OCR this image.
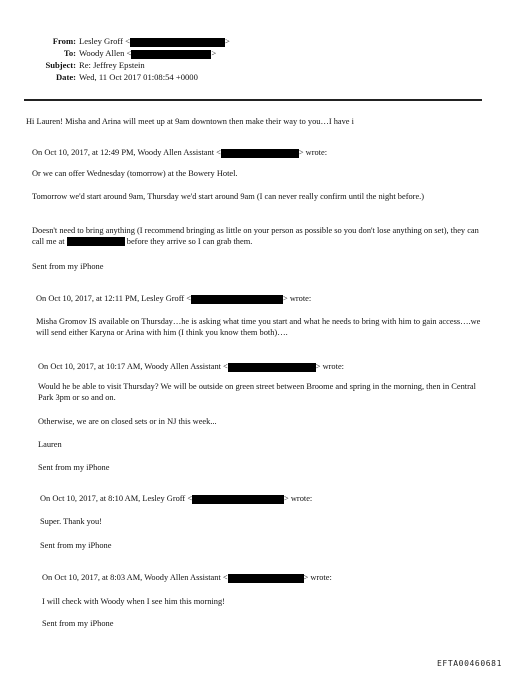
From: Lesley Groff <	>
To: Woody Allen <	>
Subject: Re: Jeffrey Epstein
Date: Wed, 11 Oct 2017 01:08:54 +0000
Hi Lauren! Misha and Arina will meet up at 9am downtown then make their way to you…I have i
On Oct 10, 2017, at 12:49 PM, Woody Allen Assistant <	> wrote:
Or we can offer Wednesday (tomorrow) at the Bowery Hotel.
Tomorrow we'd start around 9am, Thursday we'd start around 9am (I can never really confirm until the night before.)
Doesn't need to bring anything (I recommend bringing as little on your person as possible so you don't lose anything on set), they can call me at	before they arrive so I can grab them.
Sent from my iPhone
On Oct 10, 2017, at 12:11 PM, Lesley Groff <	> wrote:
Misha Gromov IS available on Thursday…he is asking what time you start and what he needs to bring with him to gain access….we will send either Karyna or Arina with him (I think you know them both)….
On Oct 10, 2017, at 10:17 AM, Woody Allen Assistant <	> wrote:
Would he be able to visit Thursday? We will be outside on green street between Broome and spring in the morning, then in Central Park 3pm or so and on.
Otherwise, we are on closed sets or in NJ this week...
Lauren
Sent from my iPhone
On Oct 10, 2017, at 8:10 AM, Lesley Groff <	> wrote:
Super. Thank you!
Sent from my iPhone
On Oct 10, 2017, at 8:03 AM, Woody Allen Assistant <	> wrote:
I will check with Woody when I see him this morning!
Sent from my iPhone
EFTA00460681
